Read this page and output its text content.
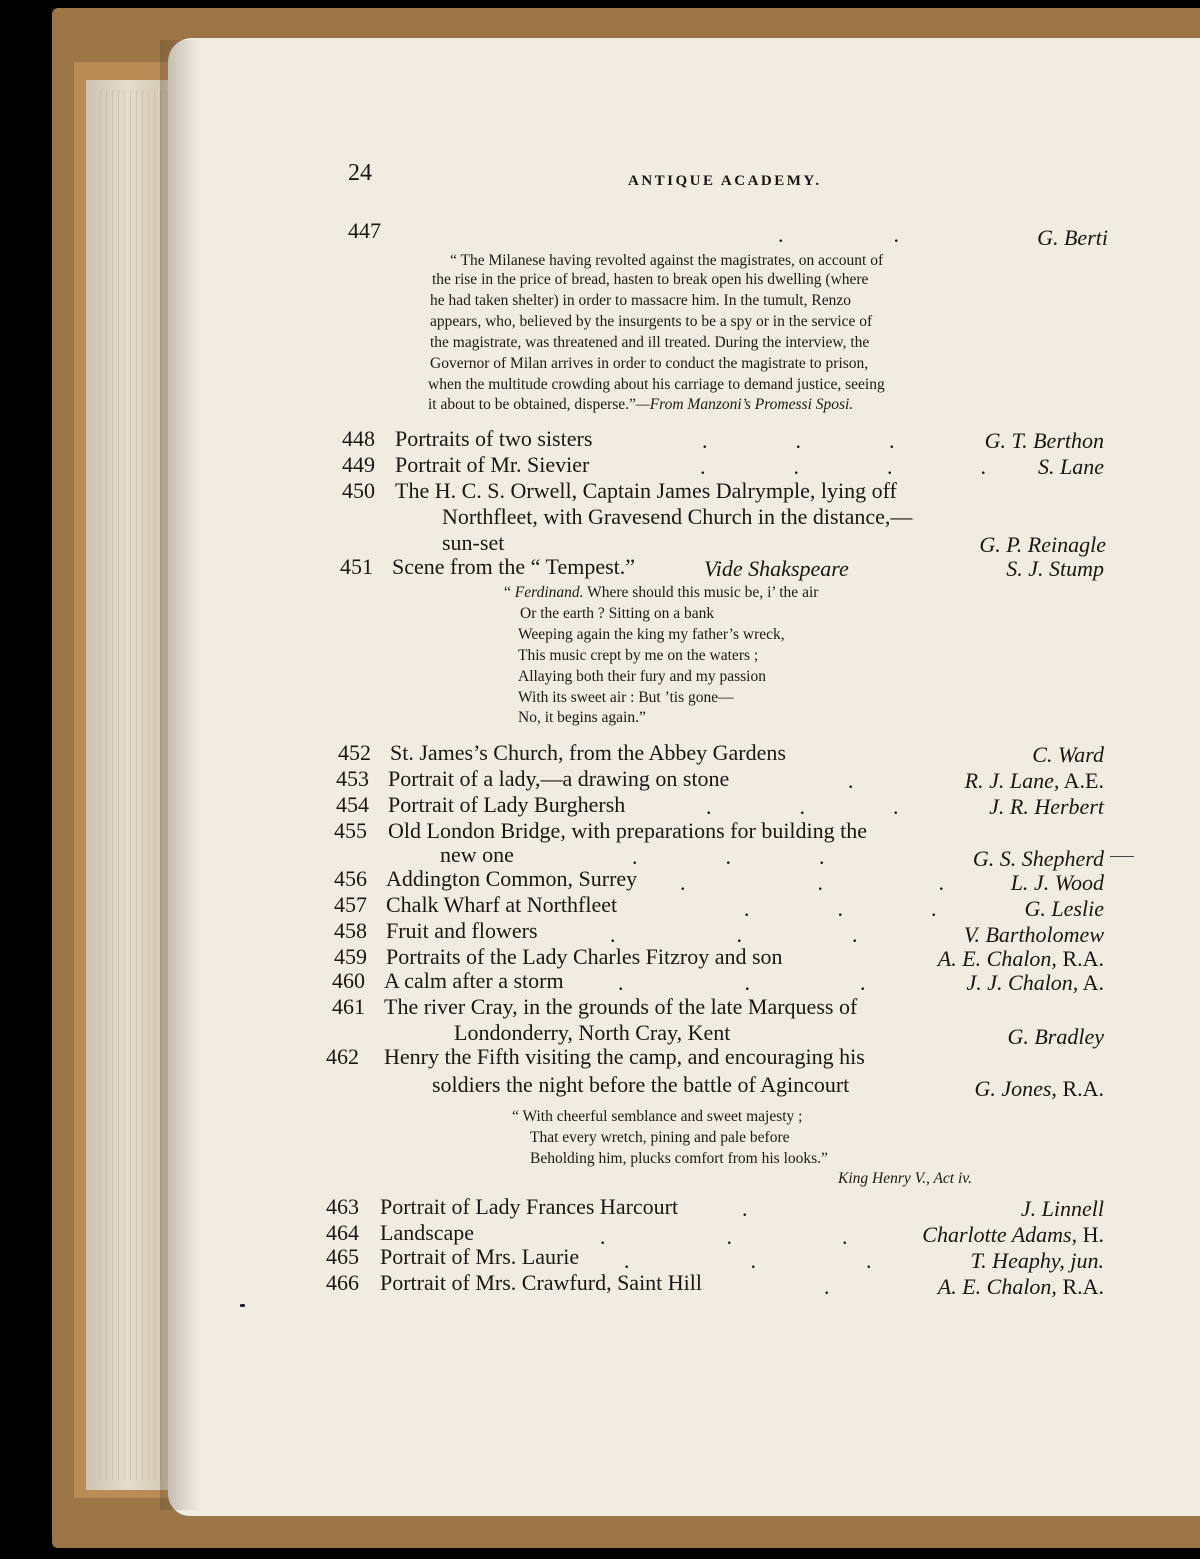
24	ANTIQUE ACADEMY.
447	.                    .	G. Berti
“ The Milanese having revolted against the magistrates, on account of
the rise in the price of bread, hasten to break open his dwelling (where
he had taken shelter) in order to massacre him. In the tumult, Renzo
appears, who, believed by the insurgents to be a spy or in the service of
the magistrate, was threatened and ill treated. During the interview, the
Governor of Milan arrives in order to conduct the magistrate to prison,
when the multitude crowding about his carriage to demand justice, seeing
it about to be obtained, disperse.”—From Manzoni’s Promessi Sposi.
448 Portraits of two sisters	.                .                .	G. T. Berthon
449 Portrait of Mr. Sievier	.                .                .                . S. Lane
450 The H. C. S. Orwell, Captain James Dalrymple, lying off
Northfleet, with Gravesend Church in the distance,—
sun-set	G. P. Reinagle
451 Scene from the “ Tempest.”	Vide Shakspeare	S. J. Stump
“ Ferdinand. Where should this music be, i’ the air
Or the earth ? Sitting on a bank
Weeping again the king my father’s wreck,
This music crept by me on the waters ;
Allaying both their fury and my passion
With its sweet air : But ’tis gone—
No, it begins again.”
452 St. James’s Church, from the Abbey Gardens	C. Ward
453 Portrait of a lady,—a drawing on stone	.	R. J. Lane, A.E.
454 Portrait of Lady Burghersh	.                .                .	J. R. Herbert
455 Old London Bridge, with preparations for building the
new one	.                .                .	G. S. Shepherd
456 Addington Common, Surrey .                        .                     .	L. J. Wood
457 Chalk Wharf at Northfleet	.                .                .	G. Leslie
458 Fruit and flowers	.                      .                    .	V. Bartholomew
459 Portraits of the Lady Charles Fitzroy and son	A. E. Chalon, R.A.
460 A calm after a storm .                      .                    .	J. J. Chalon, A.
461 The river Cray, in the grounds of the late Marquess of
Londonderry, North Cray, Kent	G. Bradley
462 Henry the Fifth visiting the camp, and encouraging his
soldiers the night before the battle of Agincourt	G. Jones, R.A.
“ With cheerful semblance and sweet majesty ;
That every wretch, pining and pale before
Beholding him, plucks comfort from his looks.”
King Henry V., Act iv.
463 Portrait of Lady Frances Harcourt	.	J. Linnell
464 Landscape	.                      .                    .	Charlotte Adams, H.
465 Portrait of Mrs. Laurie .                      .                    .	T. Heaphy, jun.
466 Portrait of Mrs. Crawfurd, Saint Hill	.	A. E. Chalon, R.A.
